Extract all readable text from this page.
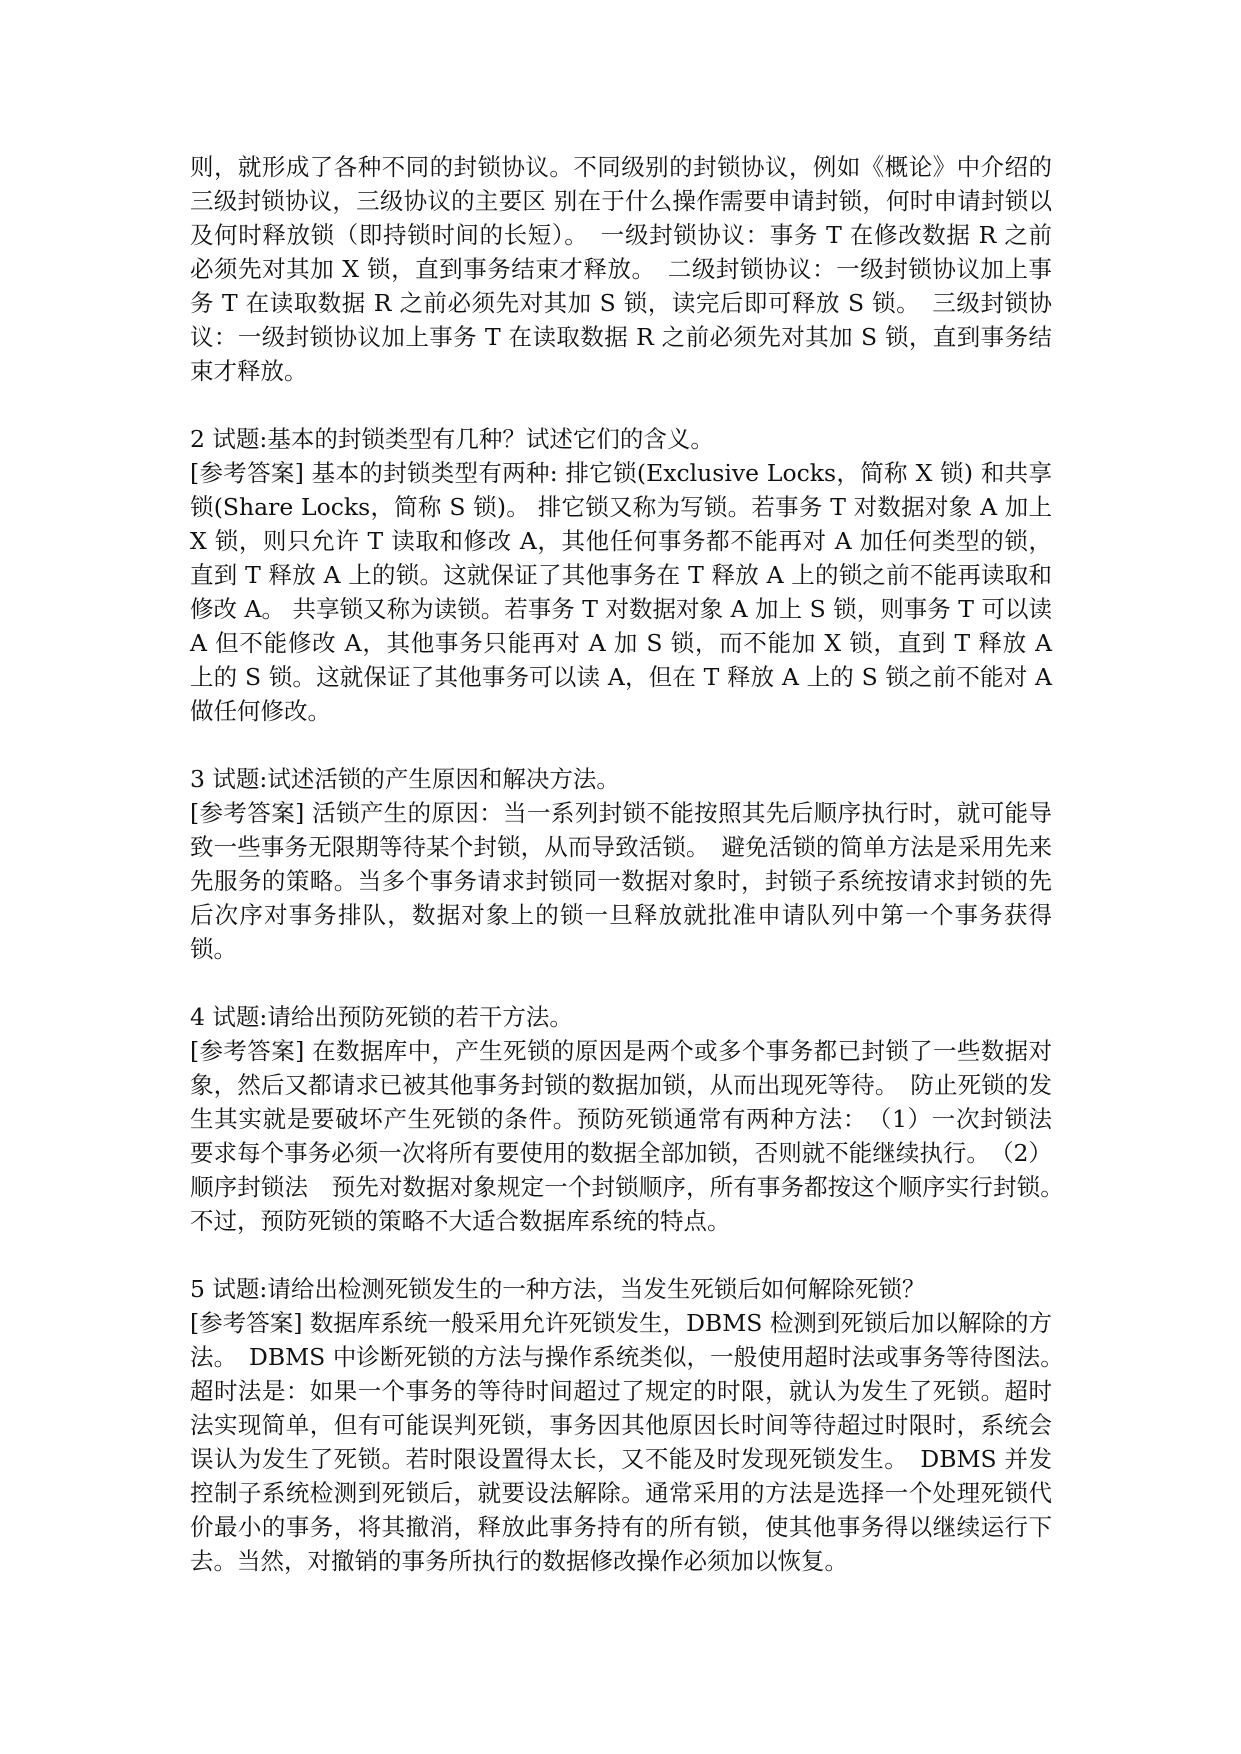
则，就形成了各种不同的封锁协议。不同级别的封锁协议，例如《概论》中介绍的三级封锁协议，三级协议的主要区 别在于什么操作需要申请封锁，何时申请封锁以及何时释放锁（即持锁时间的长短）。　一级封锁协议：事务 T 在修改数据 R 之前必须先对其加 X 锁，直到事务结束才释放。　二级封锁协议：一级封锁协议加上事务 T 在读取数据 R 之前必须先对其加 S 锁，读完后即可释放 S 锁。　三级封锁协议：一级封锁协议加上事务 T 在读取数据 R 之前必须先对其加 S 锁，直到事务结束才释放。

2 试题:基本的封锁类型有几种？试述它们的含义。

[参考答案] 基本的封锁类型有两种: 排它锁(Exclusive Locks，简称 X 锁) 和共享锁(Share Locks，简称 S 锁)。 排它锁又称为写锁。若事务 T 对数据对象 A 加上 X 锁，则只允许 T 读取和修改 A，其他任何事务都不能再对 A 加任何类型的锁，直到 T 释放 A 上的锁。这就保证了其他事务在 T 释放 A 上的锁之前不能再读取和修改 A。 共享锁又称为读锁。若事务 T 对数据对象 A 加上 S 锁，则事务 T 可以读 A 但不能修改 A，其他事务只能再对 A 加 S 锁，而不能加 X 锁，直到 T 释放 A 上的 S 锁。这就保证了其他事务可以读 A，但在 T 释放 A 上的 S 锁之前不能对 A 做任何修改。

3 试题:试述活锁的产生原因和解决方法。

[参考答案] 活锁产生的原因：当一系列封锁不能按照其先后顺序执行时，就可能导致一些事务无限期等待某个封锁，从而导致活锁。　避免活锁的简单方法是采用先来先服务的策略。当多个事务请求封锁同一数据对象时，封锁子系统按请求封锁的先后次序对事务排队，数据对象上的锁一旦释放就批准申请队列中第一个事务获得锁。

4 试题:请给出预防死锁的若干方法。

[参考答案] 在数据库中，产生死锁的原因是两个或多个事务都已封锁了一些数据对象，然后又都请求已被其他事务封锁的数据加锁，从而出现死等待。　防止死锁的发生其实就是要破坏产生死锁的条件。预防死锁通常有两种方法：　（1）一次封锁法　要求每个事务必须一次将所有要使用的数据全部加锁，否则就不能继续执行。　（2）顺序封锁法　预先对数据对象规定一个封锁顺序，所有事务都按这个顺序实行封锁。　不过，预防死锁的策略不大适合数据库系统的特点。

5 试题:请给出检测死锁发生的一种方法，当发生死锁后如何解除死锁？

[参考答案] 数据库系统一般采用允许死锁发生，DBMS 检测到死锁后加以解除的方法。　DBMS 中诊断死锁的方法与操作系统类似，一般使用超时法或事务等待图法。　超时法是：如果一个事务的等待时间超过了规定的时限，就认为发生了死锁。超时法实现简单，但有可能误判死锁，事务因其他原因长时间等待超过时限时，系统会误认为发生了死锁。若时限设置得太长，又不能及时发现死锁发生。　DBMS 并发控制子系统检测到死锁后，就要设法解除。通常采用的方法是选择一个处理死锁代价最小的事务，将其撤消，释放此事务持有的所有锁，使其他事务得以继续运行下去。当然，对撤销的事务所执行的数据修改操作必须加以恢复。
